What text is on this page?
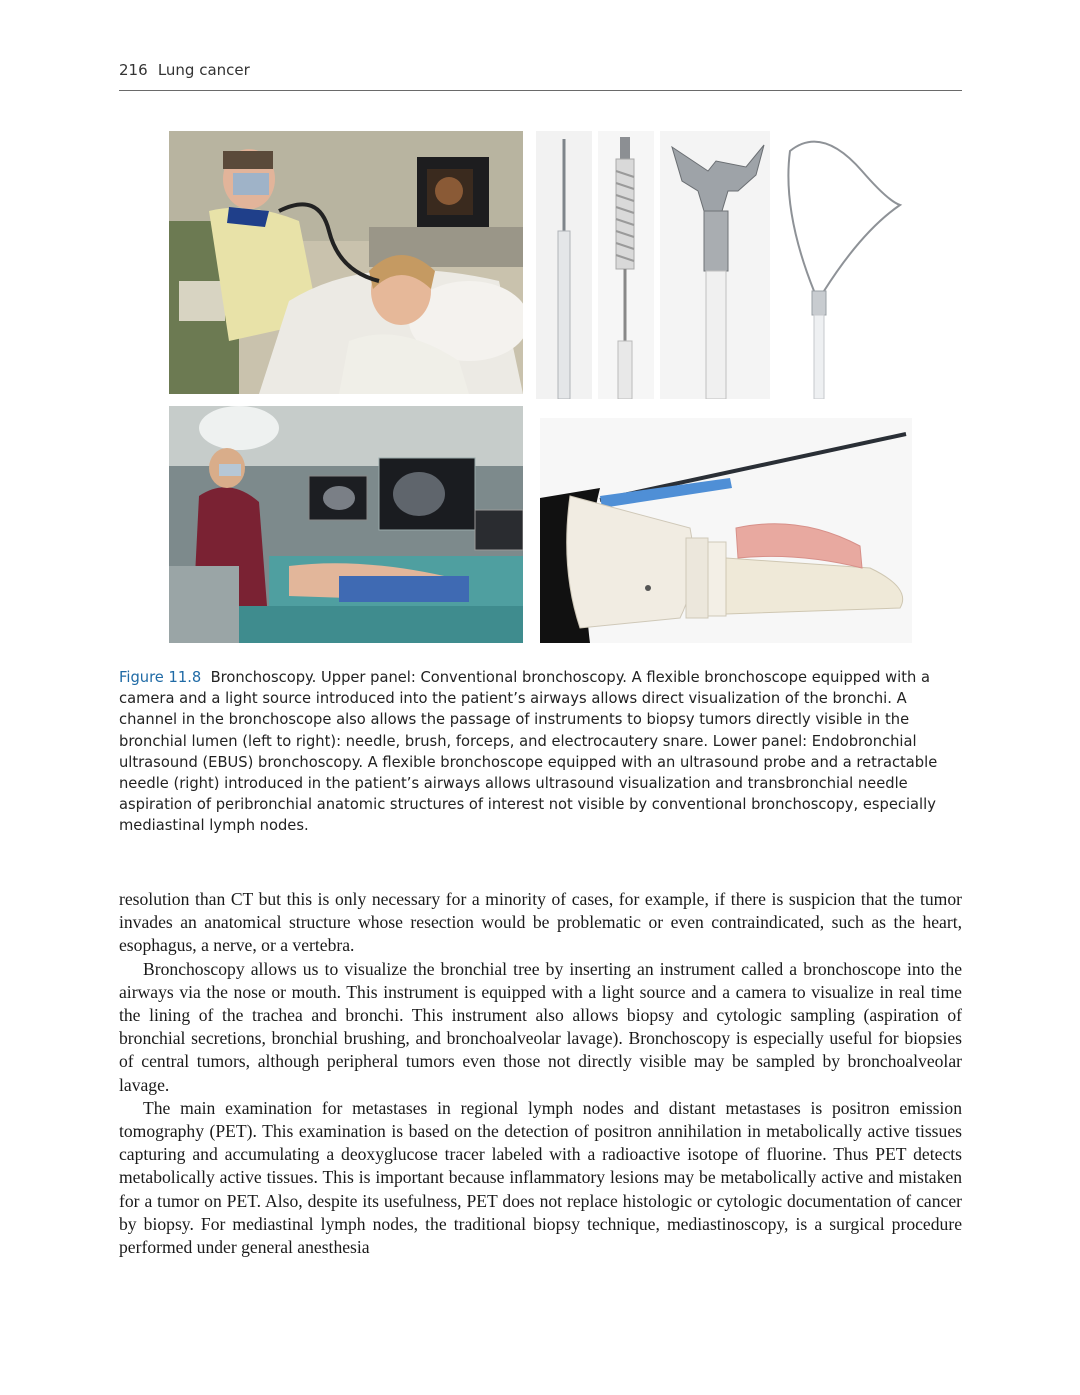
216 Lung cancer
Figure 11.8 Bronchoscopy. Upper panel: Conventional bronchoscopy. A flexible bronchoscope equipped with a camera and a light source introduced into the patient’s airways allows direct visualization of the bronchi. A channel in the bronchoscope also allows the passage of instruments to biopsy tumors directly visible in the bronchial lumen (left to right): needle, brush, forceps, and electrocautery snare. Lower panel: Endobronchial ultrasound (EBUS) bronchoscopy. A flexible bronchoscope equipped with an ultrasound probe and a retractable needle (right) introduced in the patient’s airways allows ultrasound visualization and transbronchial needle aspiration of peribronchial anatomic structures of interest not visible by conventional bronchoscopy, especially mediastinal lymph nodes.

resolution than CT but this is only necessary for a minority of cases, for example, if there is suspicion that the tumor invades an anatomical structure whose resection would be problematic or even contraindicated, such as the heart, esophagus, a nerve, or a vertebra.

Bronchoscopy allows us to visualize the bronchial tree by inserting an instrument called a bronchoscope into the airways via the nose or mouth. This instrument is equipped with a light source and a camera to visualize in real time the lining of the trachea and bronchi. This instrument also allows biopsy and cytologic sampling (aspiration of bronchial secretions, bronchial brushing, and bronchoalveolar lavage). Bronchoscopy is especially useful for biopsies of central tumors, although peripheral tumors even those not directly visible may be sampled by bronchoalveolar lavage.

The main examination for metastases in regional lymph nodes and distant metastases is positron emission tomography (PET). This examination is based on the detection of positron annihilation in metabolically active tissues capturing and accumulating a deoxyglucose tracer labeled with a radioactive isotope of fluorine. Thus PET detects metabolically active tissues. This is important because inflammatory lesions may be metabolically active and mistaken for a tumor on PET. Also, despite its usefulness, PET does not replace histologic or cytologic documentation of cancer by biopsy. For mediastinal lymph nodes, the traditional biopsy technique, mediastinoscopy, is a surgical procedure performed under general anesthesia
